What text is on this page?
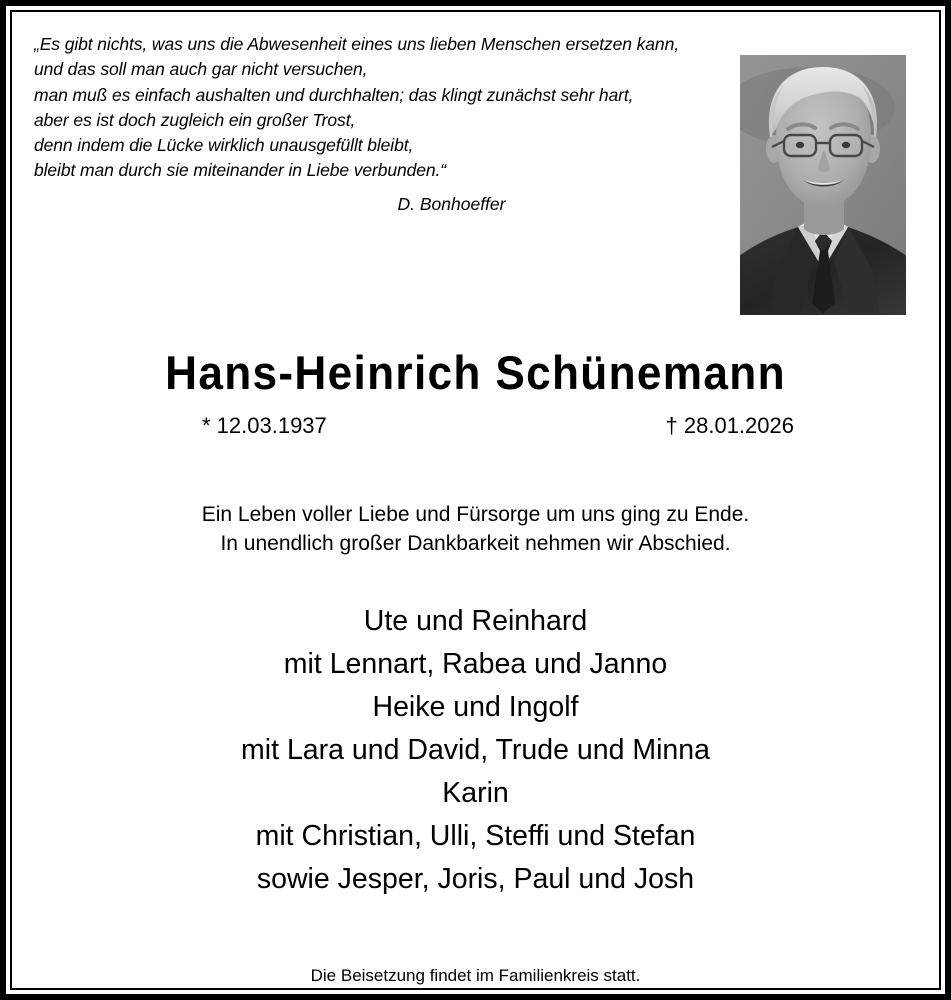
„Es gibt nichts, was uns die Abwesenheit eines uns lieben Menschen ersetzen kann,
und das soll man auch gar nicht versuchen,
man muß es einfach aushalten und durchhalten; das klingt zunächst sehr hart,
aber es ist doch zugleich ein großer Trost,
denn indem die Lücke wirklich unausgefüllt bleibt,
bleibt man durch sie miteinander in Liebe verbunden.“
D. Bonhoeffer
Hans-Heinrich Schünemann
* 12.03.1937	† 28.01.2026
Ein Leben voller Liebe und Fürsorge um uns ging zu Ende.
In unendlich großer Dankbarkeit nehmen wir Abschied.
Ute und Reinhard
mit Lennart, Rabea und Janno
Heike und Ingolf
mit Lara und David, Trude und Minna
Karin
mit Christian, Ulli, Steffi und Stefan
sowie Jesper, Joris, Paul und Josh
Die Beisetzung findet im Familienkreis statt.
